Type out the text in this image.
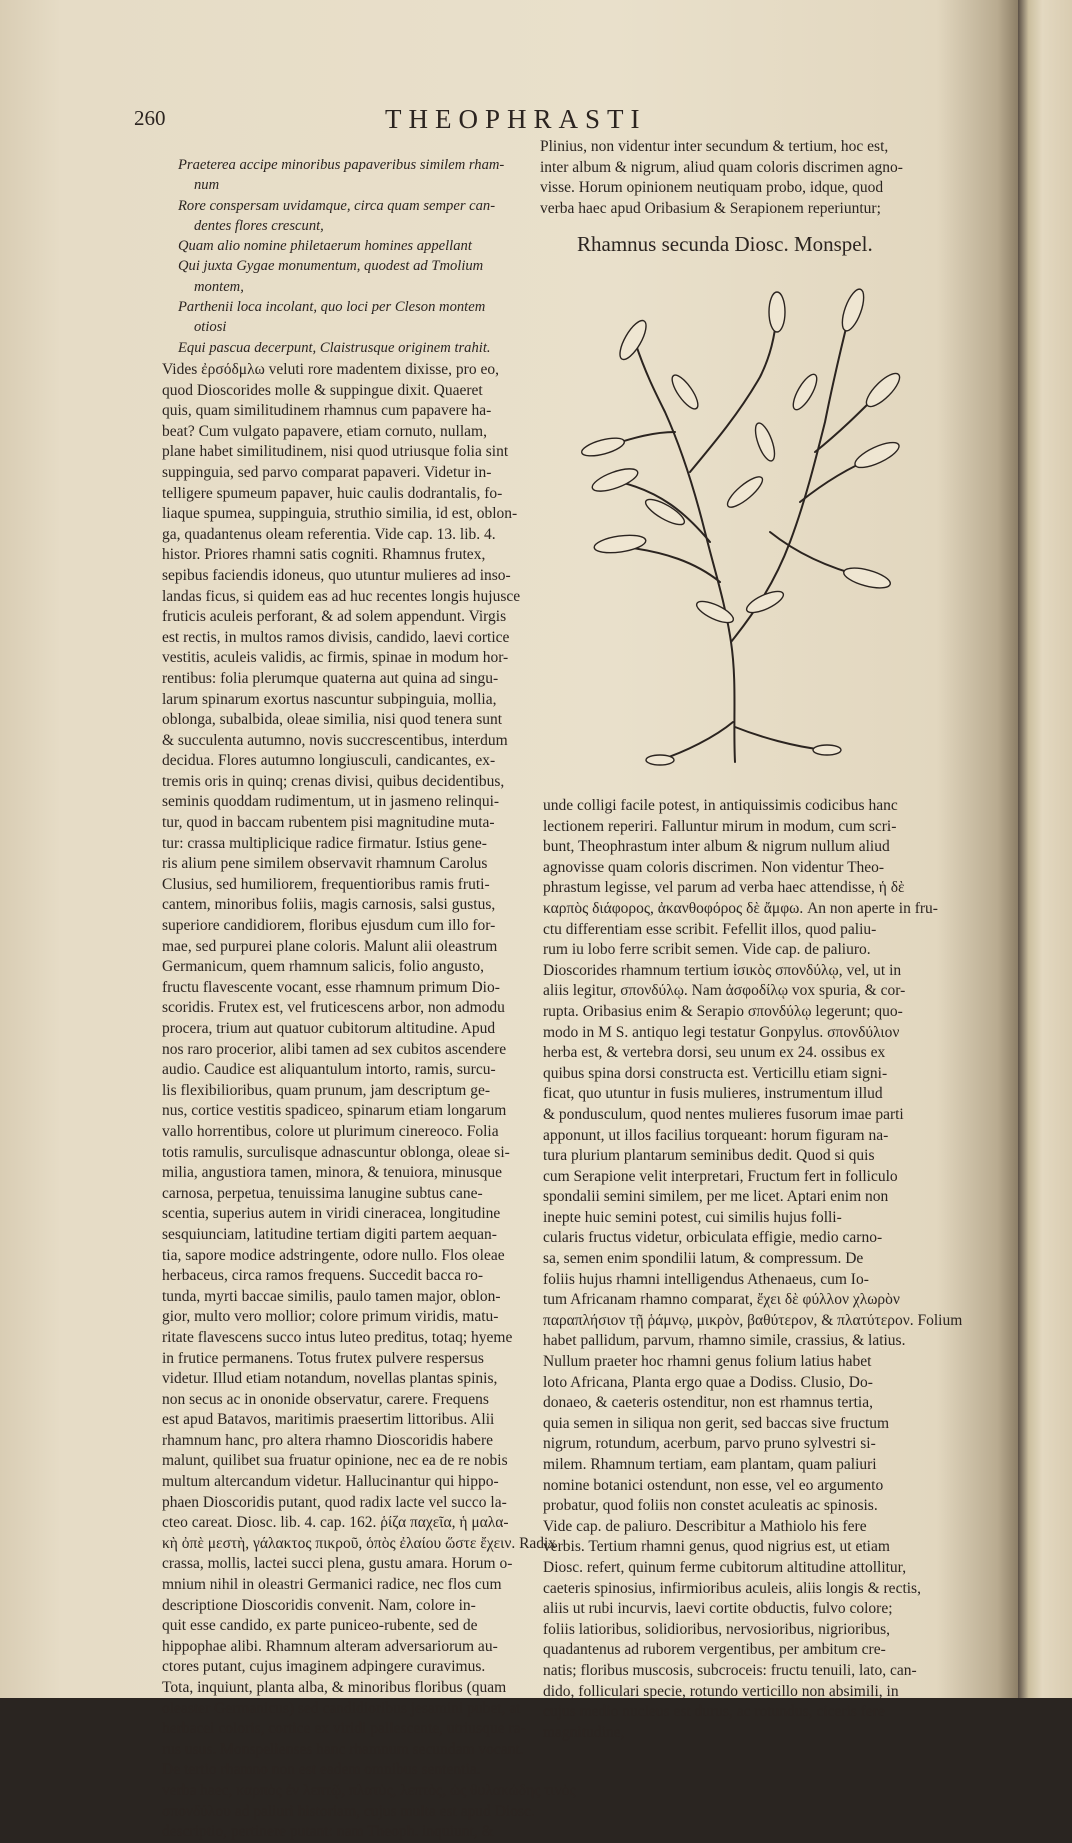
260	THEOPHRASTI
Praeterea accipe minoribus papaveribus similem rham-
num
Rore conspersam uvidamque, circa quam semper can-
dentes flores crescunt,
Quam alio nomine philetaerum homines appellant
Qui juxta Gygae monumentum, quodest ad Tmolium
montem,
Parthenii loca incolant, quo loci per Cleson montem
otiosi
Equi pascua decerpunt, Claistrusque originem trahit.
Vides ἐρσόδμλω veluti rore madentem dixisse, pro eo,
quod Dioscorides molle & suppingue dixit. Quaeret
quis, quam similitudinem rhamnus cum papavere ha-
beat? Cum vulgato papavere, etiam cornuto, nullam,
plane habet similitudinem, nisi quod utriusque folia sint
suppinguia, sed parvo comparat papaveri. Videtur in-
telligere spumeum papaver, huic caulis dodrantalis, fo-
liaque spumea, suppinguia, struthio similia, id est, oblon-
ga, quadantenus oleam referentia. Vide cap. 13. lib. 4.
histor. Priores rhamni satis cogniti. Rhamnus frutex,
sepibus faciendis idoneus, quo utuntur mulieres ad inso-
landas ficus, si quidem eas ad huc recentes longis hujusce
fruticis aculeis perforant, & ad solem appendunt. Virgis
est rectis, in multos ramos divisis, candido, laevi cortice
vestitis, aculeis validis, ac firmis, spinae in modum hor-
rentibus: folia plerumque quaterna aut quina ad singu-
larum spinarum exortus nascuntur subpinguia, mollia,
oblonga, subalbida, oleae similia, nisi quod tenera sunt
& succulenta autumno, novis succrescentibus, interdum
decidua. Flores autumno longiusculi, candicantes, ex-
tremis oris in quinq; crenas divisi, quibus decidentibus,
seminis quoddam rudimentum, ut in jasmeno relinqui-
tur, quod in baccam rubentem pisi magnitudine muta-
tur: crassa multiplicique radice firmatur. Istius gene-
ris alium pene similem observavit rhamnum Carolus
Clusius, sed humiliorem, frequentioribus ramis fruti-
cantem, minoribus foliis, magis carnosis, salsi gustus,
superiore candidiorem, floribus ejusdum cum illo for-
mae, sed purpurei plane coloris. Malunt alii oleastrum
Germanicum, quem rhamnum salicis, folio angusto,
fructu flavescente vocant, esse rhamnum primum Dio-
scoridis. Frutex est, vel fruticescens arbor, non admodu
procera, trium aut quatuor cubitorum altitudine. Apud
nos raro procerior, alibi tamen ad sex cubitos ascendere
audio. Caudice est aliquantulum intorto, ramis, surcu-
lis flexibilioribus, quam prunum, jam descriptum ge-
nus, cortice vestitis spadiceo, spinarum etiam longarum
vallo horrentibus, colore ut plurimum cinereoco. Folia
totis ramulis, surculisque adnascuntur oblonga, oleae si-
milia, angustiora tamen, minora, & tenuiora, minusque
carnosa, perpetua, tenuissima lanugine subtus cane-
scentia, superius autem in viridi cineracea, longitudine
sesquiunciam, latitudine tertiam digiti partem aequan-
tia, sapore modice adstringente, odore nullo. Flos oleae
herbaceus, circa ramos frequens. Succedit bacca ro-
tunda, myrti baccae similis, paulo tamen major, oblon-
gior, multo vero mollior; colore primum viridis, matu-
ritate flavescens succo intus luteo preditus, totaq; hyeme
in frutice permanens. Totus frutex pulvere respersus
videtur. Illud etiam notandum, novellas plantas spinis,
non secus ac in ononide observatur, carere. Frequens
est apud Batavos, maritimis praesertim littoribus. Alii
rhamnum hanc, pro altera rhamno Dioscoridis habere
malunt, quilibet sua fruatur opinione, nec ea de re nobis
multum altercandum videtur. Hallucinantur qui hippo-
phaen Dioscoridis putant, quod radix lacte vel succo la-
cteo careat. Diosc. lib. 4. cap. 162. ῥίζα παχεῖα, ἡ μαλα-
κὴ ὀπὲ μεστὴ, γάλακτος πικροῦ, ὁπὸς ἐλαίου ὥστε ἔχειν. Radix
crassa, mollis, lactei succi plena, gustu amara. Horum o-
mnium nihil in oleastri Germanici radice, nec flos cum
descriptione Dioscoridis convenit. Nam, colore in-
quit esse candido, ex parte puniceo-rubente, sed de
hippophae alibi. Rhamnum alteram adversariorum au-
ctores putant, cujus imaginem adpingere curavimus.
Tota, inquiunt, planta alba, & minoribus floribus (quam
oleaster Germanicus) sed candidioribus jesamini pubet, at
herbacei coloris, cortice ex viridi pallescente, utriusque ra-
rus usus. Monspelienses hanc rhamnum secundam vocant.
De tertio rhamno non est eadem omnibus sententia.
verba haec, καρπὸς ἐν λεπτῷ, πλατὺς, λεπτὸς, ὡς θυλακώδης τινὸς
σπονδύλου ad paliuri historiam, cujus multa est apud Diosc.
descriptio, pertinere putant: nam Theoph. inquiunt, &
Plinius, non videntur inter secundum & tertium, hoc est,
inter album & nigrum, aliud quam coloris discrimen agno-
visse. Horum opinionem neutiquam probo, idque, quod
verba haec apud Oribasium & Serapionem reperiuntur;
Rhamnus secunda Diosc. Monspel.
unde colligi facile potest, in antiquissimis codicibus hanc
lectionem reperiri. Falluntur mirum in modum, cum scri-
bunt, Theophrastum inter album & nigrum nullum aliud
agnovisse quam coloris discrimen. Non videntur Theo-
phrastum legisse, vel parum ad verba haec attendisse, ἡ δὲ
καρπὸς διάφορος, ἀκανθοφόρος δὲ ἄμφω. An non aperte in fru-
ctu differentiam esse scribit. Fefellit illos, quod paliu-
rum iu lobo ferre scribit semen. Vide cap. de paliuro.
Dioscorides rhamnum tertium ἰσικὸς σπονδύλῳ, vel, ut in
aliis legitur, σπονδύλῳ. Nam ἀσφοδίλῳ vox spuria, & cor-
rupta. Oribasius enim & Serapio σπονδύλῳ legerunt; quo-
modo in M S. antiquo legi testatur Gonpylus. σπονδύλιον
herba est, & vertebra dorsi, seu unum ex 24. ossibus ex
quibus spina dorsi constructa est. Verticillu etiam signi-
ficat, quo utuntur in fusis mulieres, instrumentum illud
& pondusculum, quod nentes mulieres fusorum imae parti
apponunt, ut illos facilius torqueant: horum figuram na-
tura plurium plantarum seminibus dedit. Quod si quis
cum Serapione velit interpretari, Fructum fert in folliculo
spondalii semini similem, per me licet. Aptari enim non
inepte huic semini potest, cui similis hujus folli-
cularis fructus videtur, orbiculata effigie, medio carno-
sa, semen enim spondilii latum, & compressum. De
foliis hujus rhamni intelligendus Athenaeus, cum Io-
tum Africanam rhamno comparat, ἔχει δὲ φύλλον χλωρὸν
παραπλήσιον τῇ ῥάμνῳ, μικρὸν, βαθύτερον, & πλατύτερον. Folium
habet pallidum, parvum, rhamno simile, crassius, & latius.
Nullum praeter hoc rhamni genus folium latius habet
loto Africana, Planta ergo quae a Dodiss. Clusio, Do-
donaeo, & caeteris ostenditur, non est rhamnus tertia,
quia semen in siliqua non gerit, sed baccas sive fructum
nigrum, rotundum, acerbum, parvo pruno sylvestri si-
milem. Rhamnum tertiam, eam plantam, quam paliuri
nomine botanici ostendunt, non esse, vel eo argumento
probatur, quod foliis non constet aculeatis ac spinosis.
Vide cap. de paliuro. Describitur a Mathiolo his fere
verbis. Tertium rhamni genus, quod nigrius est, ut etiam
Diosc. refert, quinum ferme cubitorum altitudine attollitur,
caeteris spinosius, infirmioribus aculeis, aliis longis & rectis,
aliis ut rubi incurvis, laevi cortite obductis, fulvo colore;
foliis latioribus, solidioribus, nervosioribus, nigrioribus,
quadantenus ad ruborem vergentibus, per ambitum cre-
natis; floribus muscosis, subcroceis: fructu tenuili, lato, can-
dido, folliculari specie, rotundo verticillo non absimili, in
cujus medio nucleus est durus, ac rotundus, ciceris fere
magnitudine,
